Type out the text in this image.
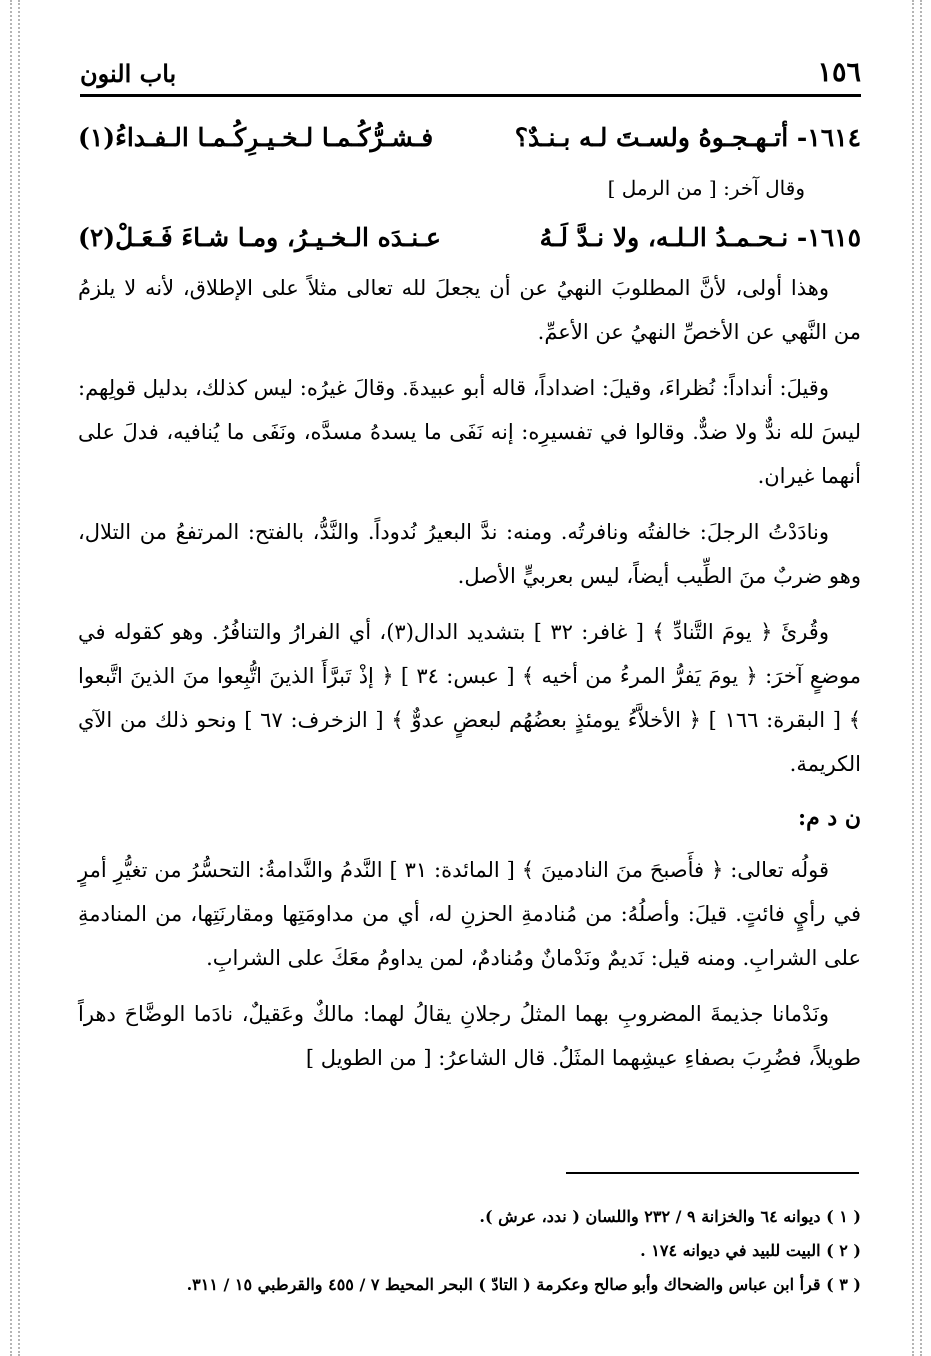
١٥٦
باب النون
١٦١٤- أتـهـجـوهُ ولسـتَ لـه بـنـدٌ؟
فـشـرُّكُـمـا لـخـيـرِكُـمـا الـفـداءُ(١)
وقال آخر: [ من الرمل ]
١٦١٥- نـحـمـدُ الـلـه، ولا نـدَّ لَـهُ
عـنـدَه الـخـيـرُ، ومـا شـاءَ فَـعَـلْ(٢)

وهذا أولى، لأنَّ المطلوبَ النهيُ عن أن يجعلَ لله تعالى مثلاً على الإطلاق، لأنه لا يلزمُ من النَّهي عن الأخصِّ النهيُ عن الأعمِّ.

وقيلَ: أنداداً: نُظراءَ، وقيلَ: اضداداً، قاله أبو عبيدةَ. وقالَ غيرُه: ليس كذلك، بدليل قولِهم: ليسَ لله ندٌّ ولا ضدٌّ. وقالوا في تفسيرِه: إنه نَفَى ما يسدهُ مسدَّه، ونَفَى ما يُنافيه، فدلَ على أنهما غيران.

ونادَدْتُ الرجلَ: خالفتُه ونافرتُه. ومنه: ندَّ البعيرُ نُدوداً. والنَّدُّ، بالفتح: المرتفعُ من التلال، وهو ضربٌ منَ الطِّيب أيضاً، ليس بعربيٍّ الأصل.

وقُرئَ ﴿ يومَ التَّنادِّ ﴾ [ غافر: ٣٢ ] بتشديد الدال(٣)، أي الفرارُ والتنافُرُ. وهو كقوله في موضعٍ آخرَ: ﴿ يومَ يَفرُّ المرءُ من أخيه ﴾ [ عبس: ٣٤ ] ﴿ إذْ تَبرَّأَ الذينَ اتُّبِعوا منَ الذينَ اتَّبعوا ﴾ [ البقرة: ١٦٦ ] ﴿ الأخلاَّءُ يومئذٍ بعضُهُم لبعضٍ عدوٌّ ﴾ [ الزخرف: ٦٧ ] ونحو ذلك من الآي الكريمة.

ن د م:

قولُه تعالى: ﴿ فأَصبحَ منَ النادمينَ ﴾ [ المائدة: ٣١ ] النَّدمُ والنَّدامةُ: التحسُّرُ من تغيُّرِ أمرٍ في رأيٍ فائتٍ. قيلَ: وأصلُهُ: من مُنادمةِ الحزنِ له، أي من مداومَتِها ومقارنَتِها، من المنادمةِ على الشرابِ. ومنه قيل: نَديمٌ ونَدْمانٌ ومُنادمٌ، لمن يداومُ معَكَ على الشرابِ.

ونَدْمانا جذيمةَ المضروبِ بهما المثلُ رجلانِ يقالُ لهما: مالكٌ وعَقيلٌ، نادَما الوضَّاحَ دهراً طويلاً، فضُرِبَ بصفاءِ عيشِهما المثَلُ. قال الشاعرُ: [ من الطويل ]

( ١ ) ديوانه ٦٤ والخزانة ٩ / ٢٣٢ واللسان ( ندد، عرش ).
( ٢ ) البيت للبيد في ديوانه ١٧٤ .
( ٣ ) قرأ ابن عباس والضحاك وأبو صالح وعكرمة ( التادّ ) البحر المحيط ٧ / ٤٥٥ والقرطبي ١٥ / ٣١١.
